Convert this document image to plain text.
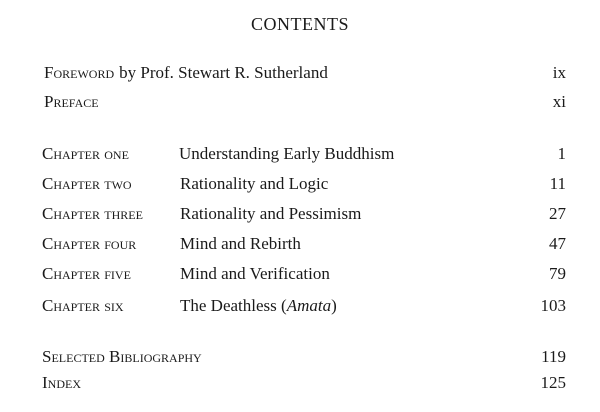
CONTENTS
Foreword by Prof. Stewart R. Sutherland	ix
Preface	xi
Chapter one	Understanding Early Buddhism	1
Chapter two	Rationality and Logic	11
Chapter three Rationality and Pessimism	27
Chapter four	Mind and Rebirth	47
Chapter five	Mind and Verification	79
Chapter six	The Deathless (Amata)	103
Selected Bibliography	119
Index	125
